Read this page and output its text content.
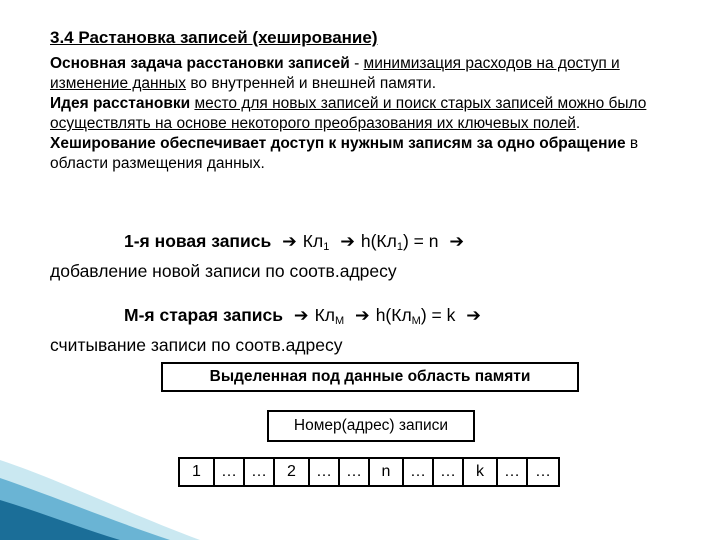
3.4 Растановка записей (хеширование)

Основная задача расстановки записей - минимизация расходов на доступ и изменение данных во внутренней и внешней памяти.

Идея расстановки место для новых записей и поиск старых записей можно было осуществлять на основе некоторого преобразования их ключевых полей.

Хеширование обеспечивает доступ к нужным записям за одно обращение в области размещения данных.

1-я новая запись ➔ $Кл_1$ ➔ $h(Кл_1) = n$ ➔
добавление новой записи по соотв.адресу
М-я старая запись ➔ $Кл_М$ ➔ $h(Кл_М) = k$ ➔
считывание записи по соотв.адресу
Выделенная под данные область памяти
Номер(адрес) записи
1	… …	2	… …	n	… …	k	… …
